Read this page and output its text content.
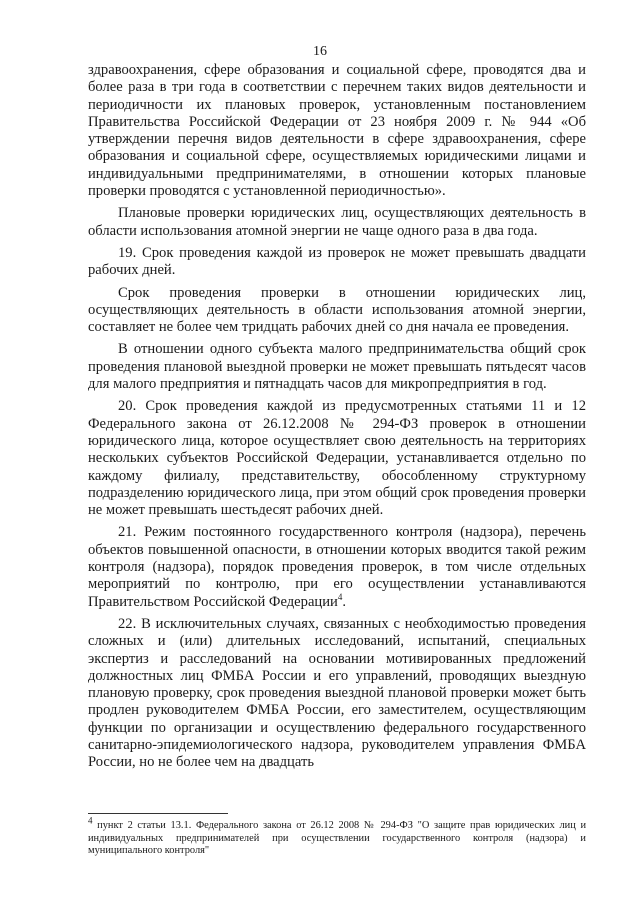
16

здравоохранения, сфере образования и социальной сфере, проводятся два и более раза в три года в соответствии с перечнем таких видов деятельности и периодичности их плановых проверок, установленным постановлением Правительства Российской Федерации от 23 ноября 2009 г. № 944 «Об утверждении перечня видов деятельности в сфере здравоохранения, сфере образования и социальной сфере, осуществляемых юридическими лицами и индивидуальными предпринимателями, в отношении которых плановые проверки проводятся с установленной периодичностью».

Плановые проверки юридических лиц, осуществляющих деятельность в области использования атомной энергии не чаще одного раза в два года.

19. Срок проведения каждой из проверок не может превышать двадцати рабочих дней.

Срок проведения проверки в отношении юридических лиц, осуществляющих деятельность в области использования атомной энергии, составляет не более чем тридцать рабочих дней со дня начала ее проведения.

В отношении одного субъекта малого предпринимательства общий срок проведения плановой выездной проверки не может превышать пятьдесят часов для малого предприятия и пятнадцать часов для микропредприятия в год.

20. Срок проведения каждой из предусмотренных статьями 11 и 12 Федерального закона от 26.12.2008 № 294-ФЗ проверок в отношении юридического лица, которое осуществляет свою деятельность на территориях нескольких субъектов Российской Федерации, устанавливается отдельно по каждому филиалу, представительству, обособленному структурному подразделению юридического лица, при этом общий срок проведения проверки не может превышать шестьдесят рабочих дней.

21. Режим постоянного государственного контроля (надзора), перечень объектов повышенной опасности, в отношении которых вводится такой режим контроля (надзора), порядок проведения проверок, в том числе отдельных мероприятий по контролю, при его осуществлении устанавливаются Правительством Российской Федерации$^4$.

22. В исключительных случаях, связанных с необходимостью проведения сложных и (или) длительных исследований, испытаний, специальных экспертиз и расследований на основании мотивированных предложений должностных лиц ФМБА России и его управлений, проводящих выездную плановую проверку, срок проведения выездной плановой проверки может быть продлен руководителем ФМБА России, его заместителем, осуществляющим функции по организации и осуществлению федерального государственного санитарно-эпидемиологического надзора, руководителем управления ФМБА России, но не более чем на двадцать

$^4$ пункт 2 статьи 13.1. Федерального закона от 26.12 2008 № 294-ФЗ "О защите прав юридических лиц и индивидуальных предпринимателей при осуществлении государственного контроля (надзора) и муниципального контроля"
